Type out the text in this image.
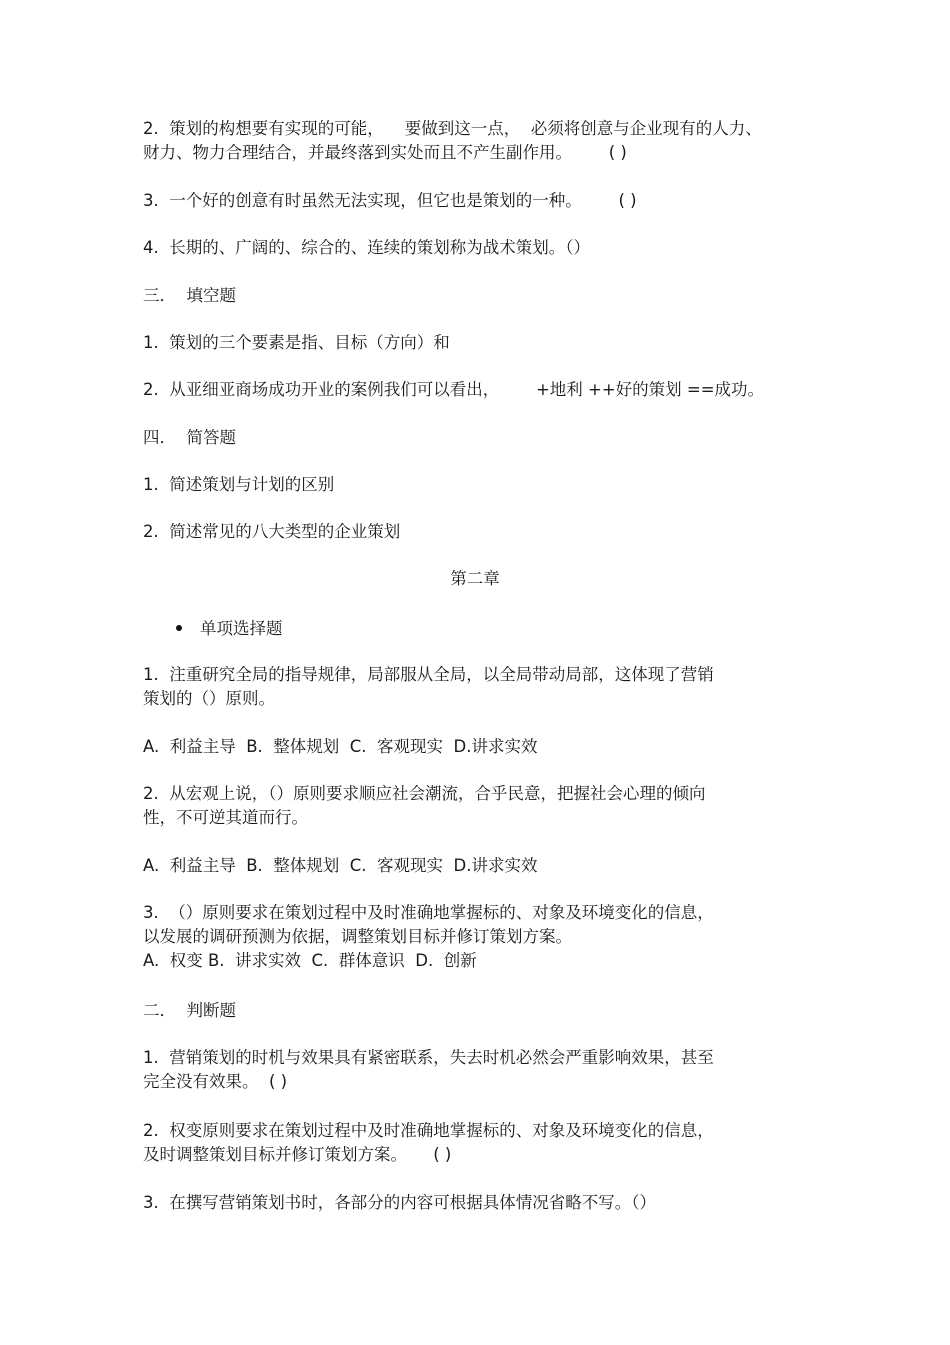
2.  策划的构想要有实现的可能，    要做到这一点，  必须将创意与企业现有的人力、
财力、物力合理结合，并最终落到实处而且不产生副作用。       ( )

3.  一个好的创意有时虽然无法实现，但它也是策划的一种。       ( )

4.  长期的、广阔的、综合的、连续的策划称为战术策划。（）

三．  填空题

1.  策划的三个要素是指、目标（方向）和

2.  从亚细亚商场成功开业的案例我们可以看出，       +地利 ++好的策划 ==成功。

四．  简答题

1.  简述策划与计划的区别

2.  简述常见的八大类型的企业策划

第二章

单项选择题

1.  注重研究全局的指导规律，局部服从全局，以全局带动局部，这体现了营销
策划的（）原则。

A.  利益主导  B.  整体规划  C.  客观现实  D.讲求实效

2.  从宏观上说，（）原则要求顺应社会潮流，合乎民意，把握社会心理的倾向
性，不可逆其道而行。

A.  利益主导  B.  整体规划  C.  客观现实  D.讲求实效

3.  （）原则要求在策划过程中及时准确地掌握标的、对象及环境变化的信息，
以发展的调研预测为依据，调整策划目标并修订策划方案。
A.  权变 B.  讲求实效  C.  群体意识  D.  创新

二．  判断题

1.  营销策划的时机与效果具有紧密联系，失去时机必然会严重影响效果，甚至
完全没有效果。  ( )

2.  权变原则要求在策划过程中及时准确地掌握标的、对象及环境变化的信息，
及时调整策划目标并修订策划方案。     ( )

3.  在撰写营销策划书时，各部分的内容可根据具体情况省略不写。（）
